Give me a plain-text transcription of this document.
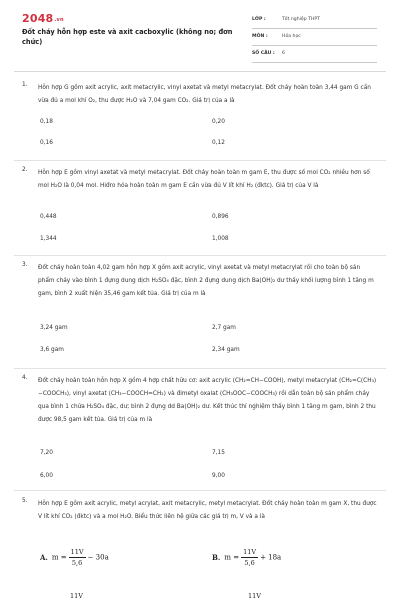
$2048^{.vn}$
Đốt cháy hỗn hợp este và axit cacboxylic (không no; đơn chức)
LỚP :	Tốt nghiệp THPT
MÔN :	Hóa học
SỐ CÂU : 6
1. Hỗn hợp G gồm axit acrylic, axit metacrylic, vinyl axetat và metyl metacrylat. Đốt cháy hoàn toàn 3,44 gam G cần vừa đủ a mol khí O₂, thu được H₂O và 7,04 gam CO₂. Giá trị của a là
0,18	0,20
0,16	0,12
2. Hỗn hợp E gồm vinyl axetat và metyl metacrylat. Đốt cháy hoàn toàn m gam E, thu được số mol CO₂ nhiều hơn số mol H₂O là 0,04 mol. Hiđro hóa hoàn toàn m gam E cần vừa đủ V lít khí H₂ (đktc). Giá trị của V là
0,448	0,896
1,344	1,008
3. Đốt cháy hoàn toàn 4,02 gam hỗn hợp X gồm axit acrylic, vinyl axetat và metyl metacrylat rồi cho toàn bộ sản phẩm cháy vào bình 1 đựng dung dịch H₂SO₄ đặc, bình 2 đựng dung dịch Ba(OH)₂ dư thấy khối lượng bình 1 tăng m gam, bình 2 xuất hiện 35,46 gam kết tủa. Giá trị của m là
3,24 gam	2,7 gam
3,6 gam	2,34 gam
4. Đốt cháy hoàn toàn hỗn hợp X gồm 4 hợp chất hữu cơ: axit acrylic (CH₂=CH−COOH), metyl metacrylat (CH₂=C(CH₃)−COOCH₃), vinyl axetat (CH₃−COOCH=CH₂) và đimetyl oxalat (CH₃OOC−COOCH₃) rồi dẫn toàn bộ sản phẩm cháy qua bình 1 chứa H₂SO₄ đặc, dư; bình 2 đựng dd Ba(OH)₂ dư. Kết thúc thí nghiệm thấy bình 1 tăng m gam, bình 2 thu được 98,5 gam kết tủa. Giá trị của m là
7,20	7,15
6,00	9,00
5. Hỗn hợp E gồm axit acrylic, metyl acrylat, axit metacrylic, metyl metacrylat. Đốt cháy hoàn toàn m gam X, thu được V lít khí CO₂ (đktc) và a mol H₂O. Biểu thức liên hệ giữa các giá trị m, V và a là
A. $m = \frac{11V}{5,6} - 30a$	B. $m = \frac{11V}{5,6} + 18a$
11V	11V
